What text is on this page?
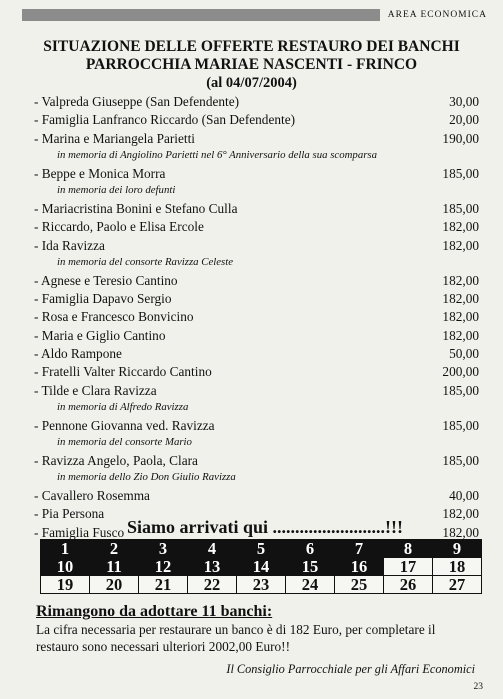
AREA ECONOMICA
SITUAZIONE DELLE OFFERTE RESTAURO DEI BANCHI
PARROCCHIA MARIAE NASCENTI - FRINCO
(al 04/07/2004)
- Valpreda Giuseppe (San Defendente)	30,00
- Famiglia Lanfranco Riccardo (San Defendente)	20,00
- Marina e Mariangela Parietti	190,00
in memoria di Angiolino Parietti nel 6° Anniversario della sua scomparsa
- Beppe e Monica Morra	185,00
in memoria dei loro defunti
- Mariacristina Bonini e Stefano Culla	185,00
- Riccardo, Paolo e Elisa Ercole	182,00
- Ida Ravizza	182,00
in memoria del consorte Ravizza Celeste
- Agnese e Teresio Cantino	182,00
- Famiglia Dapavo Sergio	182,00
- Rosa e Francesco Bonvicino	182,00
- Maria e Giglio Cantino	182,00
- Aldo Rampone	50,00
- Fratelli Valter Riccardo Cantino	200,00
- Tilde e Clara Ravizza	185,00
in memoria di Alfredo Ravizza
- Pennone Giovanna ved. Ravizza	185,00
in memoria del consorte Mario
- Ravizza Angelo, Paola, Clara	185,00
in memoria dello Zio Don Giulio Ravizza
- Cavallero Rosemma	40,00
- Pia Persona	182,00
- Famiglia Fusco	182,00
Siamo arrivati qui .........................!!!
1	2	3	4	5	6	7	8	9
10	11	12	13	14	15	16	17	18
19	20	21	22	23	24	25	26	27
Rimangono da adottare 11 banchi:
La cifra necessaria per restaurare un banco è di 182 Euro, per completare il restauro sono necessari ulteriori 2002,00 Euro!!
Il Consiglio Parrocchiale per gli Affari Economici
23
